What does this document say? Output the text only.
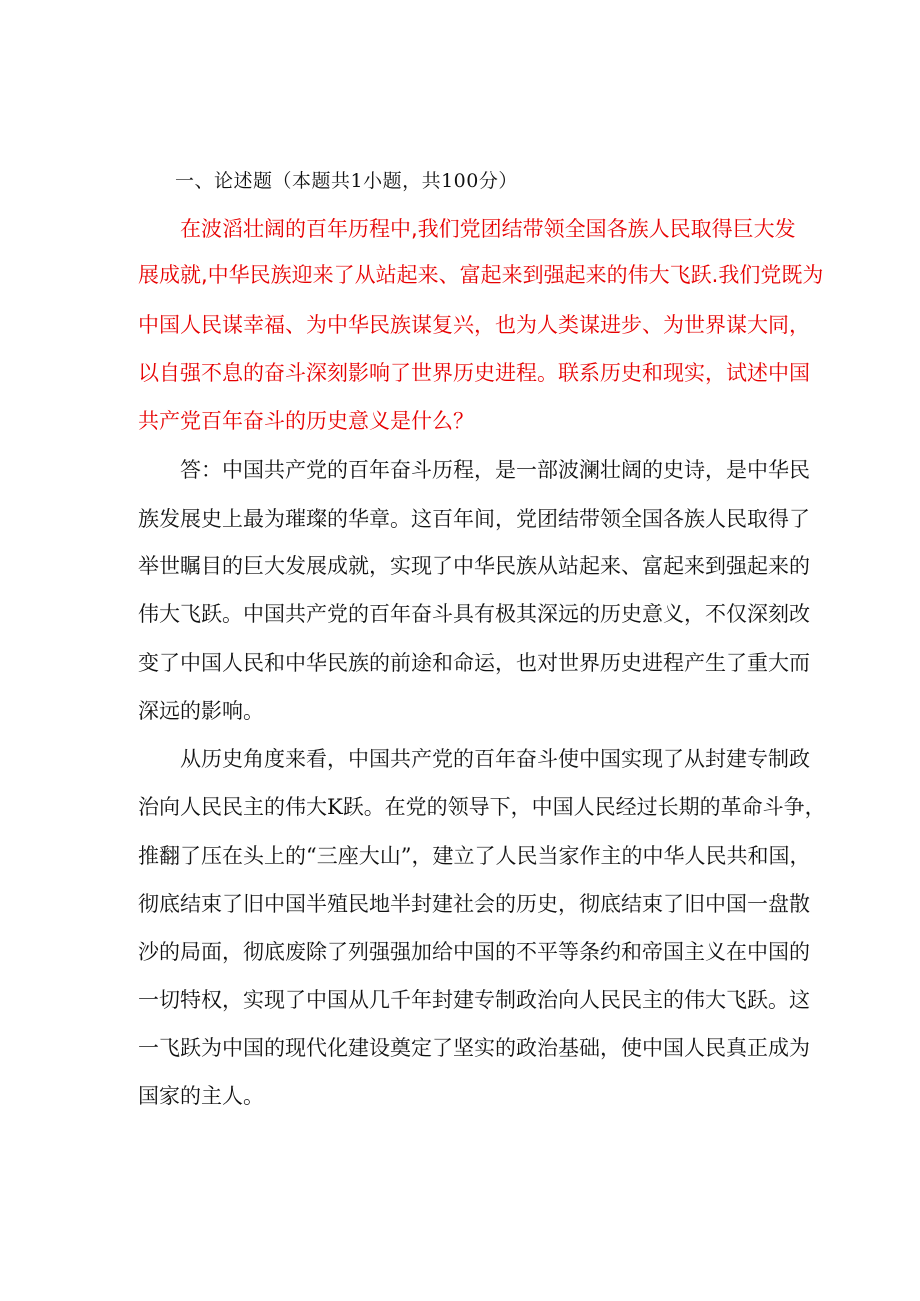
一、论述题（本题共1小题，共100分）
在波滔壮阔的百年历程中,我们党团结带领全国各族人民取得巨大发
展成就,中华民族迎来了从站起来、富起来到强起来的伟大飞跃.我们党既为
中国人民谋幸福、为中华民族谋复兴，也为人类谋进步、为世界谋大同，
以自强不息的奋斗深刻影响了世界历史进程。联系历史和现实，试述中国
共产党百年奋斗的历史意义是什么？
答：中国共产党的百年奋斗历程，是一部波澜壮阔的史诗，是中华民
族发展史上最为璀璨的华章。这百年间，党团结带领全国各族人民取得了
举世瞩目的巨大发展成就，实现了中华民族从站起来、富起来到强起来的
伟大飞跃。中国共产党的百年奋斗具有极其深远的历史意义，不仅深刻改
变了中国人民和中华民族的前途和命运，也对世界历史进程产生了重大而
深远的影响。
从历史角度来看，中国共产党的百年奋斗使中国实现了从封建专制政
治向人民民主的伟大K跃。在党的领导下，中国人民经过长期的革命斗争，
推翻了压在头上的“三座大山”，建立了人民当家作主的中华人民共和国，
彻底结束了旧中国半殖民地半封建社会的历史，彻底结束了旧中国一盘散
沙的局面，彻底废除了列强强加给中国的不平等条约和帝国主义在中国的
一切特权，实现了中国从几千年封建专制政治向人民民主的伟大飞跃。这
一飞跃为中国的现代化建设奠定了坚实的政治基础，使中国人民真正成为
国家的主人。
